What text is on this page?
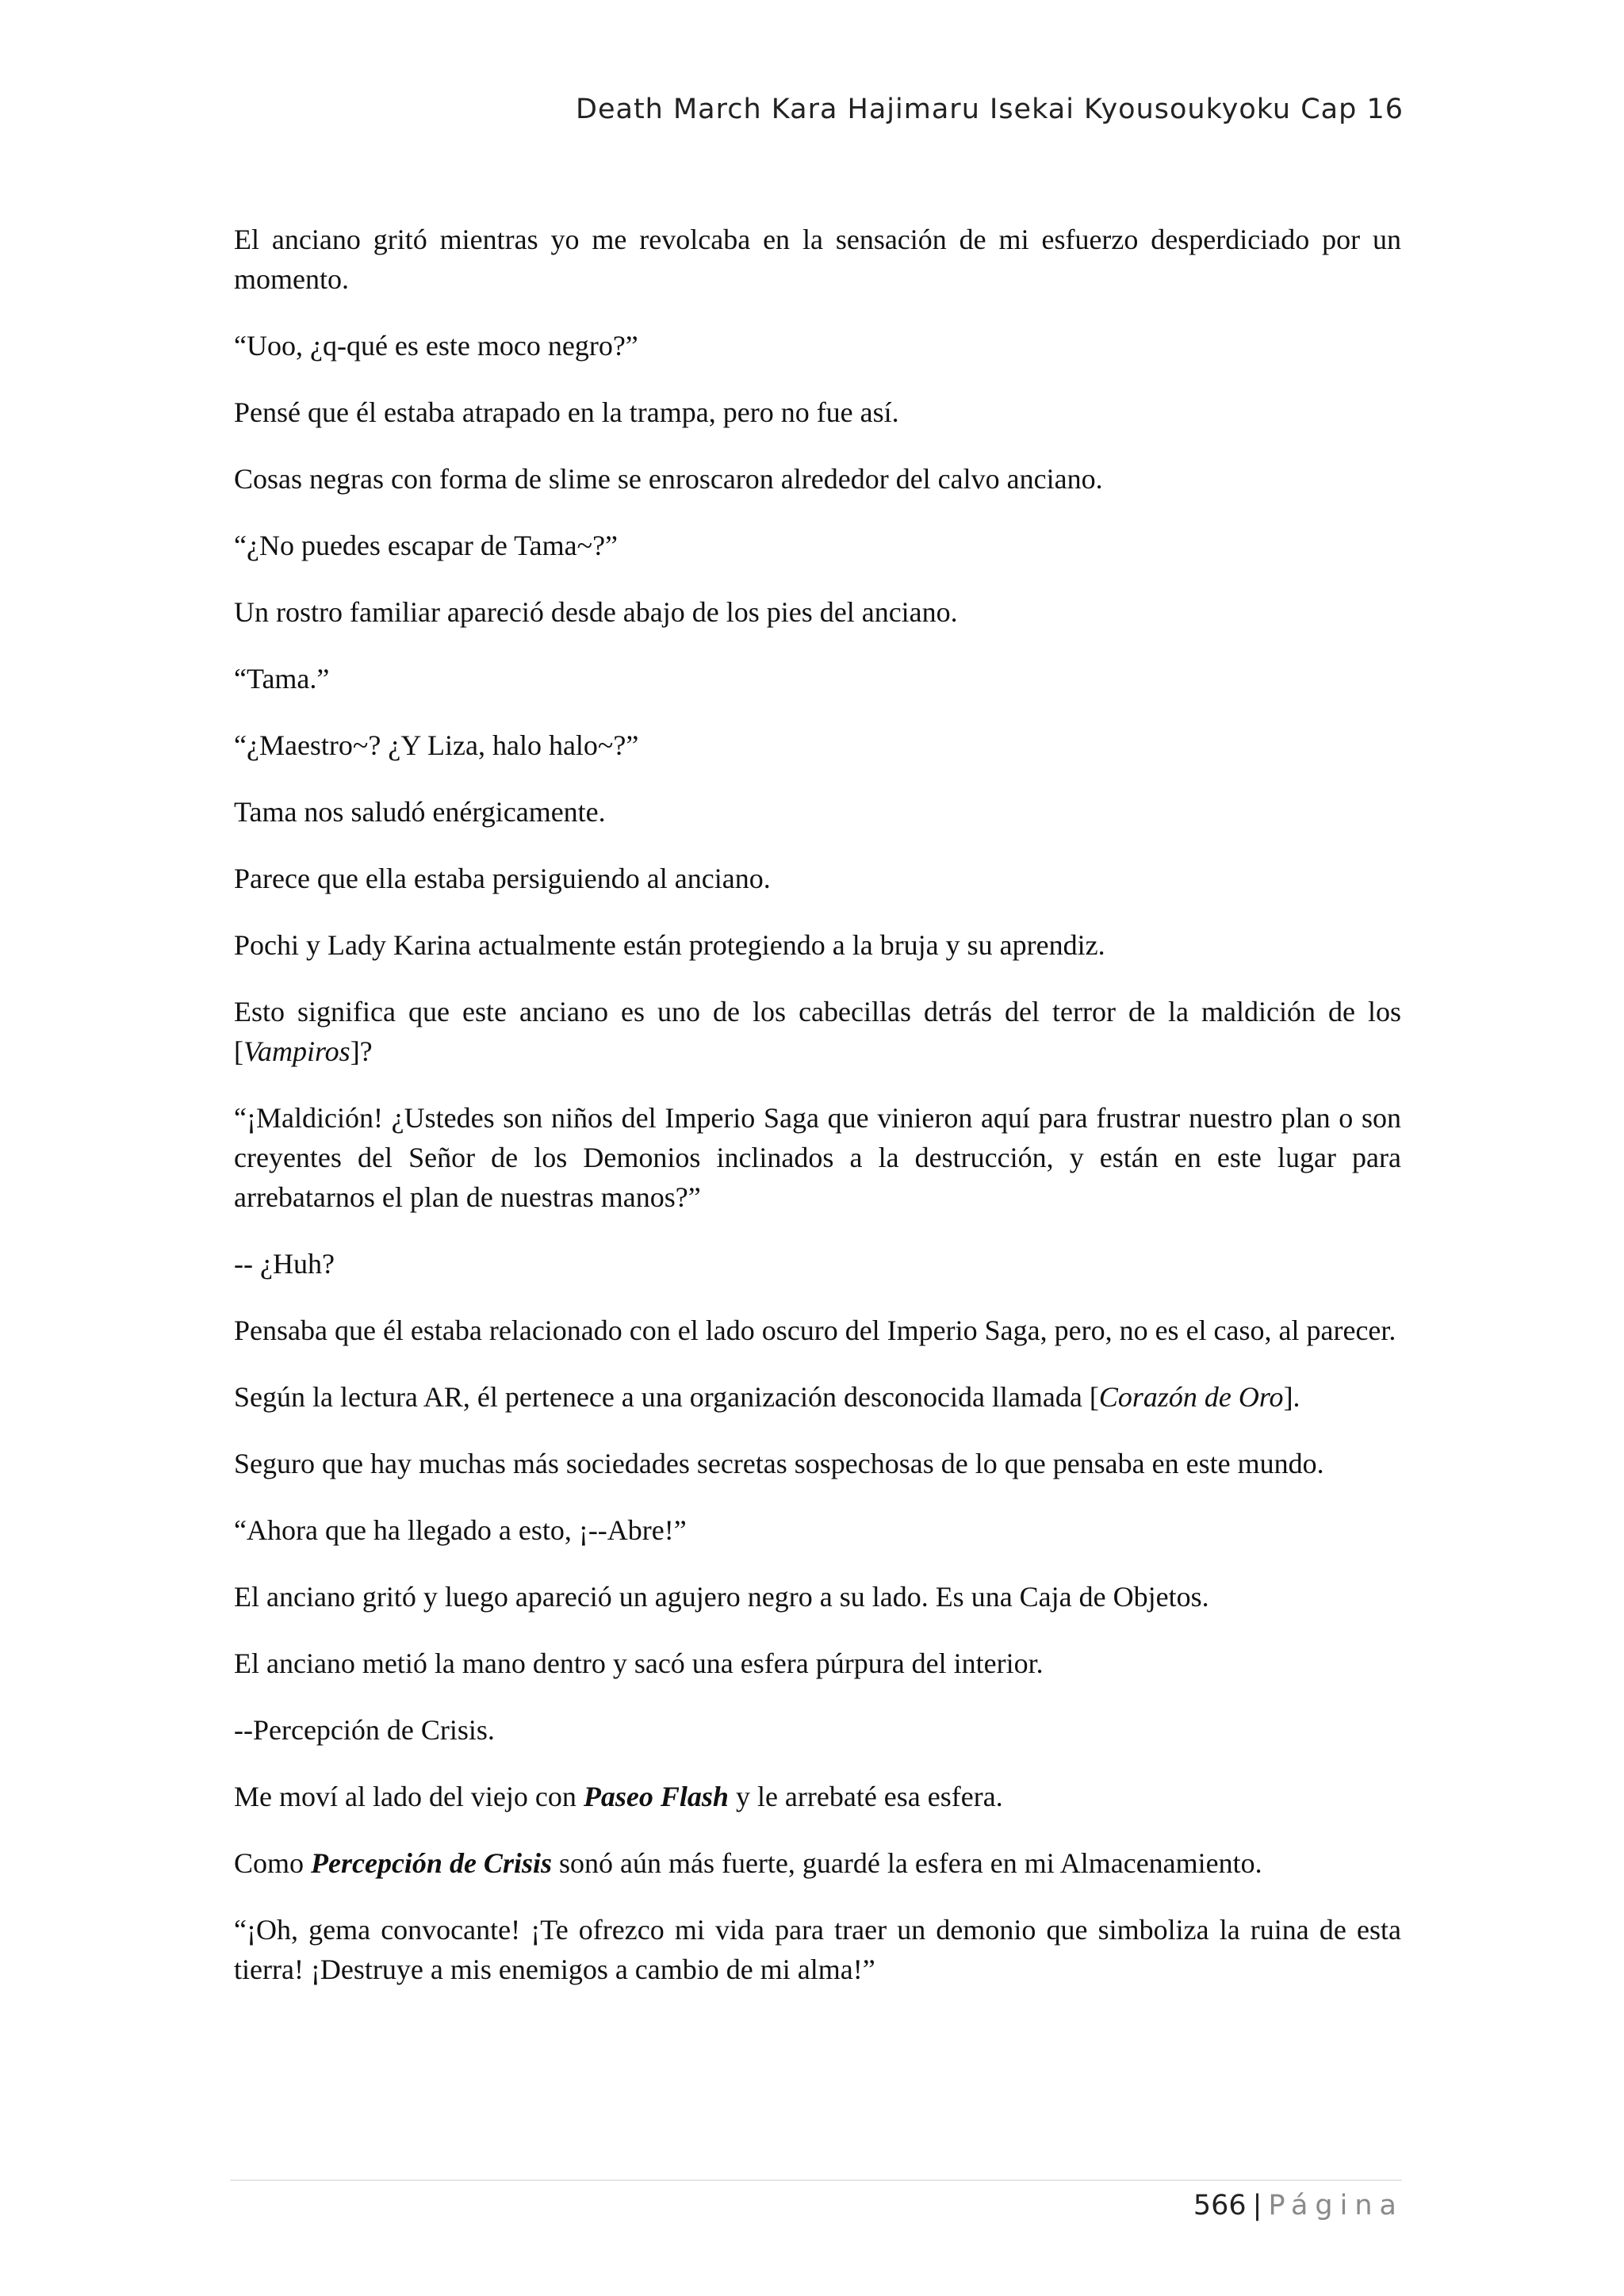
Death March Kara Hajimaru Isekai Kyousoukyoku Cap 16

El anciano gritó mientras yo me revolcaba en la sensación de mi esfuerzo desperdiciado por un momento.

“Uoo, ¿q-qué es este moco negro?”

Pensé que él estaba atrapado en la trampa, pero no fue así.

Cosas negras con forma de slime se enroscaron alrededor del calvo anciano.

“¿No puedes escapar de Tama~?”

Un rostro familiar apareció desde abajo de los pies del anciano.

“Tama.”

“¿Maestro~? ¿Y Liza, halo halo~?”

Tama nos saludó enérgicamente.

Parece que ella estaba persiguiendo al anciano.

Pochi y Lady Karina actualmente están protegiendo a la bruja y su aprendiz.

Esto significa que este anciano es uno de los cabecillas detrás del terror de la maldición de los [Vampiros]?

“¡Maldición! ¿Ustedes son niños del Imperio Saga que vinieron aquí para frustrar nuestro plan o son creyentes del Señor de los Demonios inclinados a la destrucción, y están en este lugar para arrebatarnos el plan de nuestras manos?”

-- ¿Huh?

Pensaba que él estaba relacionado con el lado oscuro del Imperio Saga, pero, no es el caso, al parecer.

Según la lectura AR, él pertenece a una organización desconocida llamada [Corazón de Oro].

Seguro que hay muchas más sociedades secretas sospechosas de lo que pensaba en este mundo.

“Ahora que ha llegado a esto, ¡--Abre!”

El anciano gritó y luego apareció un agujero negro a su lado. Es una Caja de Objetos.

El anciano metió la mano dentro y sacó una esfera púrpura del interior.

--Percepción de Crisis.

Me moví al lado del viejo con Paseo Flash y le arrebaté esa esfera.

Como Percepción de Crisis sonó aún más fuerte, guardé la esfera en mi Almacenamiento.

“¡Oh, gema convocante! ¡Te ofrezco mi vida para traer un demonio que simboliza la ruina de esta tierra! ¡Destruye a mis enemigos a cambio de mi alma!”

566 | Página
